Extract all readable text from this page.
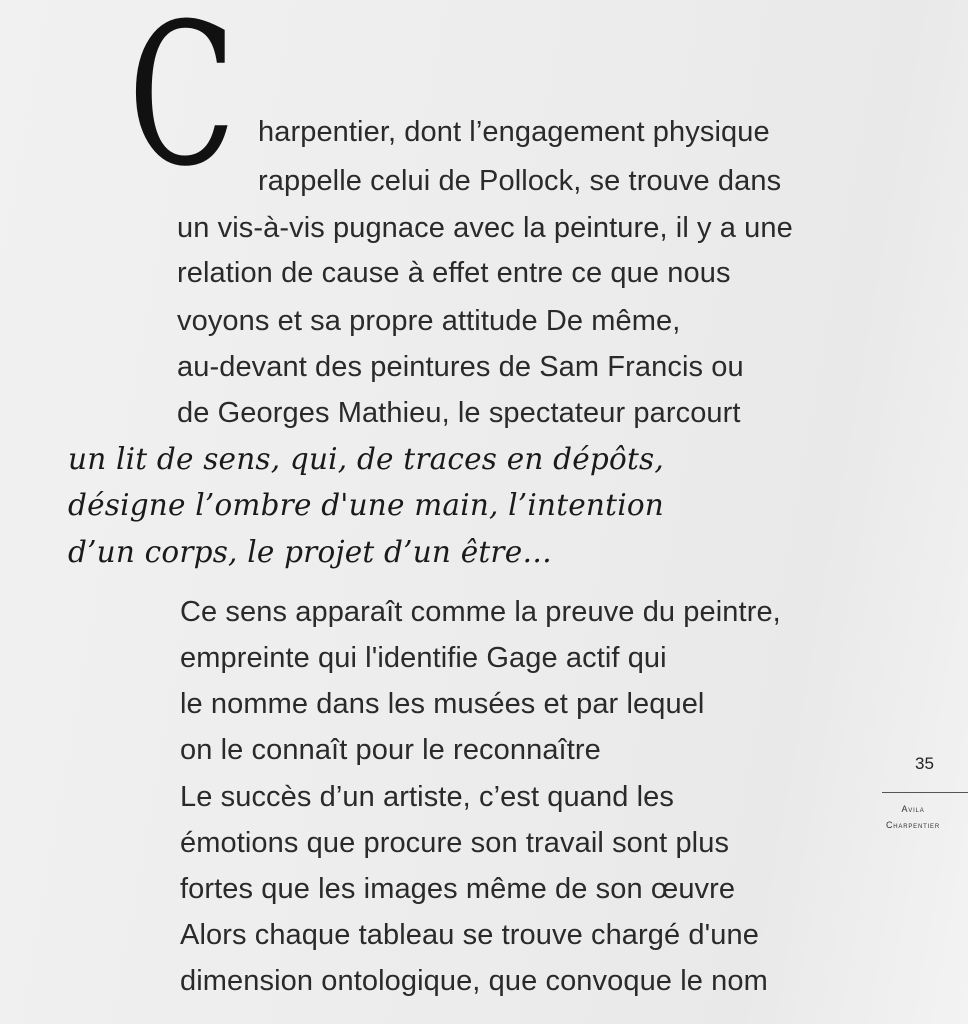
C harpentier, dont l’engagement physique
rappelle celui de Pollock, se trouve dans
un vis-à-vis pugnace avec la peinture, il y a une
relation de cause à effet entre ce que nous
voyons et sa propre attitude De même,
au-devant des peintures de Sam Francis ou
de Georges Mathieu, le spectateur parcourt
un lit de sens, qui, de traces en dépôts,
désigne l’ombre d'une main, l’intention
d’un corps, le projet d’un être…
Ce sens apparaît comme la preuve du peintre,
empreinte qui l'identifie Gage actif qui
le nomme dans les musées et par lequel
on le connaît pour le reconnaître
Le succès d’un artiste, c’est quand les
émotions que procure son travail sont plus
fortes que les images même de son œuvre
Alors chaque tableau se trouve chargé d'une
dimension ontologique, que convoque le nom
35
Avila
Charpentier
